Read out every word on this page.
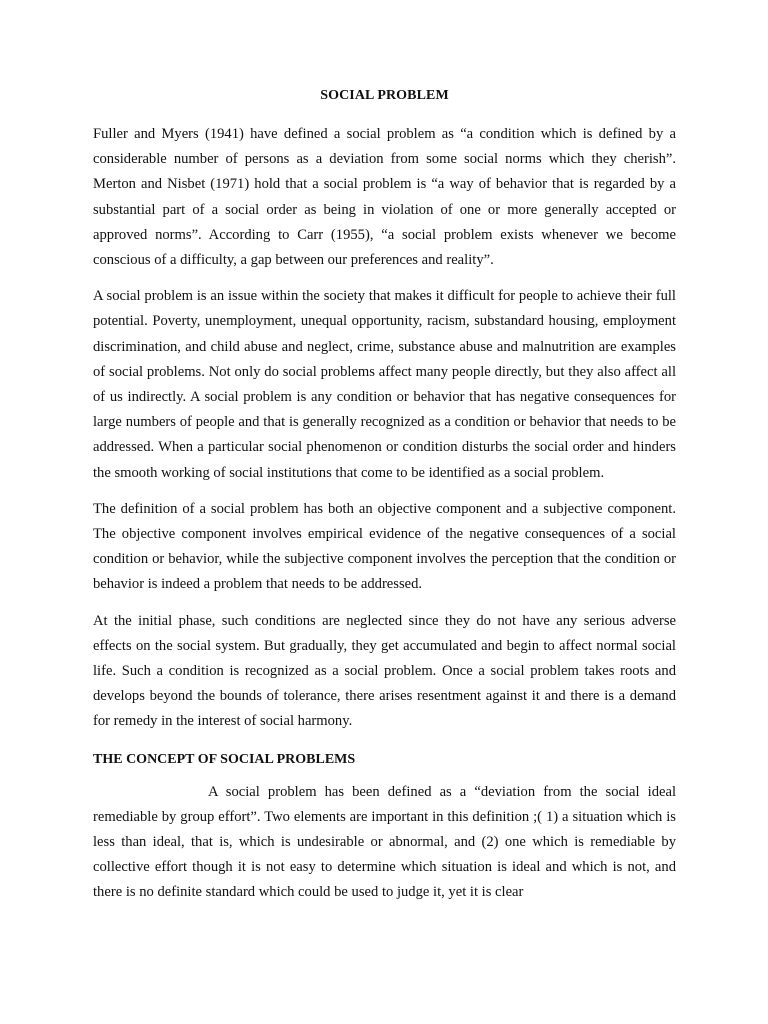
SOCIAL PROBLEM

Fuller and Myers (1941) have defined a social problem as “a condition which is defined by a considerable number of persons as a deviation from some social norms which they cherish”. Merton and Nisbet (1971) hold that a social problem is “a way of behavior that is regarded by a substantial part of a social order as being in violation of one or more generally accepted or approved norms”. According to Carr (1955), “a social problem exists whenever we become conscious of a difficulty, a gap between our preferences and reality”.

A social problem is an issue within the society that makes it difficult for people to achieve their full potential. Poverty, unemployment, unequal opportunity, racism, substandard housing, employment discrimination, and child abuse and neglect, crime, substance abuse and malnutrition are examples of social problems. Not only do social problems affect many people directly, but they also affect all of us indirectly. A social problem is any condition or behavior that has negative consequences for large numbers of people and that is generally recognized as a condition or behavior that needs to be addressed. When a particular social phenomenon or condition disturbs the social order and hinders the smooth working of social institutions that come to be identified as a social problem.

The definition of a social problem has both an objective component and a subjective component. The objective component involves empirical evidence of the negative consequences of a social condition or behavior, while the subjective component involves the perception that the condition or behavior is indeed a problem that needs to be addressed.

At the initial phase, such conditions are neglected since they do not have any serious adverse effects on the social system. But gradually, they get accumulated and begin to affect normal social life. Such a condition is recognized as a social problem. Once a social problem takes roots and develops beyond the bounds of tolerance, there arises resentment against it and there is a demand for remedy in the interest of social harmony.

THE CONCEPT OF SOCIAL PROBLEMS

A social problem has been defined as a “deviation from the social ideal remediable by group effort”. Two elements are important in this definition ;( 1) a situation which is less than ideal, that is, which is undesirable or abnormal, and (2) one which is remediable by collective effort though it is not easy to determine which situation is ideal and which is not, and there is no definite standard which could be used to judge it, yet it is clear
